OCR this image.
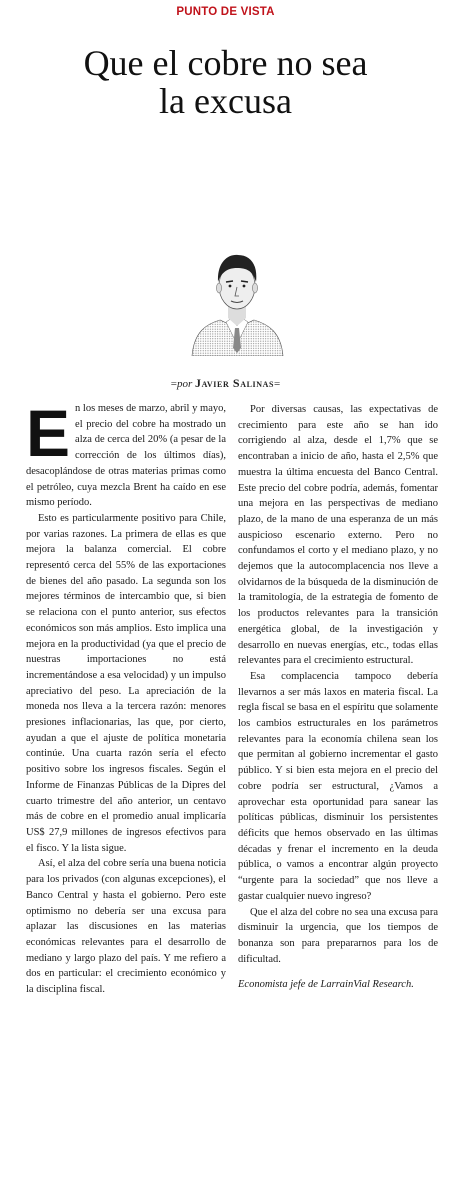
PUNTO DE VISTA
Que el cobre no sea
la excusa
=por Javier Salinas=

En los meses de marzo, abril y mayo, el precio del cobre ha mostrado un alza de cerca del 20% (a pesar de la corrección de los últimos días), desacoplándose de otras materias primas como el petróleo, cuya mezcla Brent ha caído en ese mismo período.

Esto es particularmente positivo para Chile, por varias razones. La primera de ellas es que mejora la balanza comercial. El cobre representó cerca del 55% de las exportaciones de bienes del año pasado. La segunda son los mejores términos de intercambio que, si bien se relaciona con el punto anterior, sus efectos económicos son más amplios. Esto implica una mejora en la productividad (ya que el precio de nuestras importaciones no está incrementándose a esa velocidad) y un impulso apreciativo del peso. La apreciación de la moneda nos lleva a la tercera razón: menores presiones inflacionarias, las que, por cierto, ayudan a que el ajuste de política monetaria continúe. Una cuarta razón sería el efecto positivo sobre los ingresos fiscales. Según el Informe de Finanzas Públicas de la Dipres del cuarto trimestre del año anterior, un centavo más de cobre en el promedio anual implicaría US$ 27,9 millones de ingresos efectivos para el fisco. Y la lista sigue.

Así, el alza del cobre sería una buena noticia para los privados (con algunas excepciones), el Banco Central y hasta el gobierno. Pero este optimismo no debería ser una excusa para aplazar las discusiones en las materias económicas relevantes para el desarrollo de mediano y largo plazo del país. Y me refiero a dos en particular: el crecimiento económico y la disciplina fiscal.

Por diversas causas, las expectativas de crecimiento para este año se han ido corrigiendo al alza, desde el 1,7% que se encontraban a inicio de año, hasta el 2,5% que muestra la última encuesta del Banco Central. Este precio del cobre podría, además, fomentar una mejora en las perspectivas de mediano plazo, de la mano de una esperanza de un más auspicioso escenario externo. Pero no confundamos el corto y el mediano plazo, y no dejemos que la autocomplacencia nos lleve a olvidarnos de la búsqueda de la disminución de la tramitología, de la estrategia de fomento de los productos relevantes para la transición energética global, de la investigación y desarrollo en nuevas energías, etc., todas ellas relevantes para el crecimiento estructural.

Esa complacencia tampoco debería llevarnos a ser más laxos en materia fiscal. La regla fiscal se basa en el espíritu que solamente los cambios estructurales en los parámetros relevantes para la economía chilena sean los que permitan al gobierno incrementar el gasto público. Y si bien esta mejora en el precio del cobre podría ser estructural, ¿Vamos a aprovechar esta oportunidad para sanear las políticas públicas, disminuir los persistentes déficits que hemos observado en las últimas décadas y frenar el incremento en la deuda pública, o vamos a encontrar algún proyecto “urgente para la sociedad” que nos lleve a gastar cualquier nuevo ingreso?

Que el alza del cobre no sea una excusa para disminuir la urgencia, que los tiempos de bonanza son para prepararnos para los de dificultad.

Economista jefe de LarrainVial Research.
